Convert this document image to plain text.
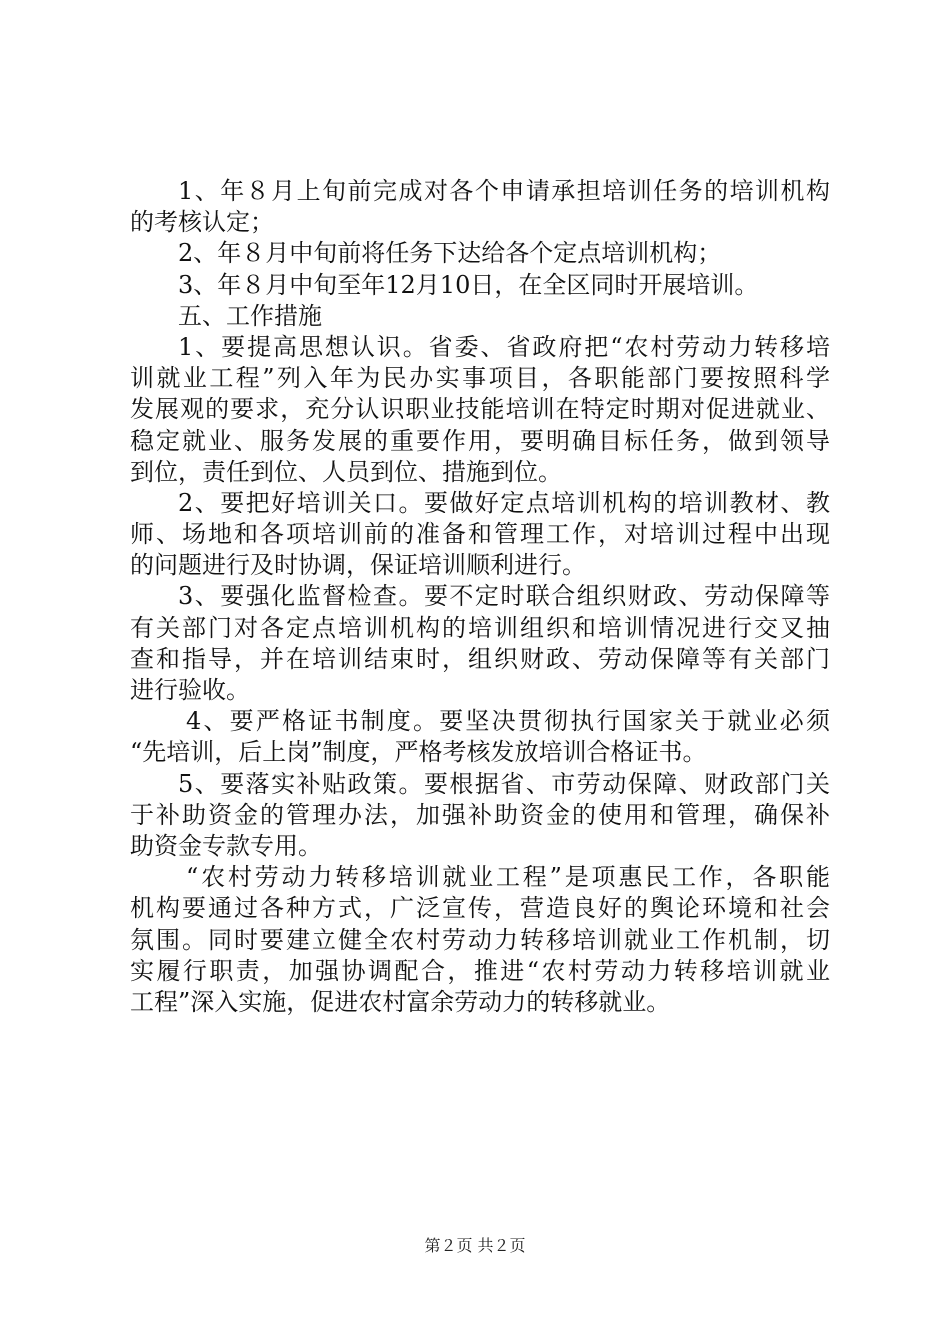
1、年８月上旬前完成对各个申请承担培训任务的培训机构
的考核认定；
2、年８月中旬前将任务下达给各个定点培训机构；
3、年８月中旬至年12月10日，在全区同时开展培训。
五、工作措施
1、要提高思想认识。省委、省政府把“农村劳动力转移培
训就业工程”列入年为民办实事项目，各职能部门要按照科学
发展观的要求，充分认识职业技能培训在特定时期对促进就业、
稳定就业、服务发展的重要作用，要明确目标任务，做到领导
到位，责任到位、人员到位、措施到位。
2、要把好培训关口。要做好定点培训机构的培训教材、教
师、场地和各项培训前的准备和管理工作，对培训过程中出现
的问题进行及时协调，保证培训顺利进行。
3、要强化监督检查。要不定时联合组织财政、劳动保障等
有关部门对各定点培训机构的培训组织和培训情况进行交叉抽
查和指导，并在培训结束时，组织财政、劳动保障等有关部门
进行验收。
4、要严格证书制度。要坚决贯彻执行国家关于就业必须
“先培训，后上岗”制度，严格考核发放培训合格证书。
5、要落实补贴政策。要根据省、市劳动保障、财政部门关
于补助资金的管理办法，加强补助资金的使用和管理，确保补
助资金专款专用。
“农村劳动力转移培训就业工程”是项惠民工作，各职能
机构要通过各种方式，广泛宣传，营造良好的舆论环境和社会
氛围。同时要建立健全农村劳动力转移培训就业工作机制，切
实履行职责，加强协调配合，推进“农村劳动力转移培训就业
工程”深入实施，促进农村富余劳动力的转移就业。
第２页 共２页
